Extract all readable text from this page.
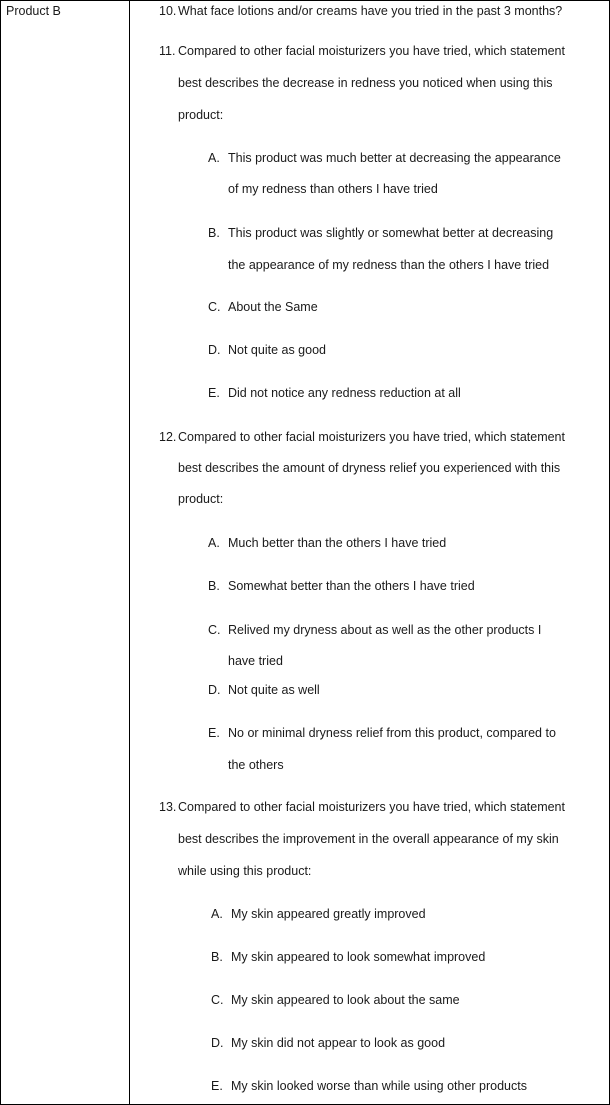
Product B	10. What face lotions and/or creams have you tried in the past 3 months?
11. Compared to other facial moisturizers you have tried, which statement
best describes the decrease in redness you noticed when using this
product:
A. This product was much better at decreasing the appearance
of my redness than others I have tried
B. This product was slightly or somewhat better at decreasing
the appearance of my redness than the others I have tried
C. About the Same
D. Not quite as good
E. Did not notice any redness reduction at all
12. Compared to other facial moisturizers you have tried, which statement
best describes the amount of dryness relief you experienced with this
product:
A. Much better than the others I have tried
B. Somewhat better than the others I have tried
C. Relived my dryness about as well as the other products I
have tried
D. Not quite as well
E. No or minimal dryness relief from this product, compared to
the others
13. Compared to other facial moisturizers you have tried, which statement
best describes the improvement in the overall appearance of my skin
while using this product:
A. My skin appeared greatly improved
B. My skin appeared to look somewhat improved
C. My skin appeared to look about the same
D. My skin did not appear to look as good
E. My skin looked worse than while using other products
